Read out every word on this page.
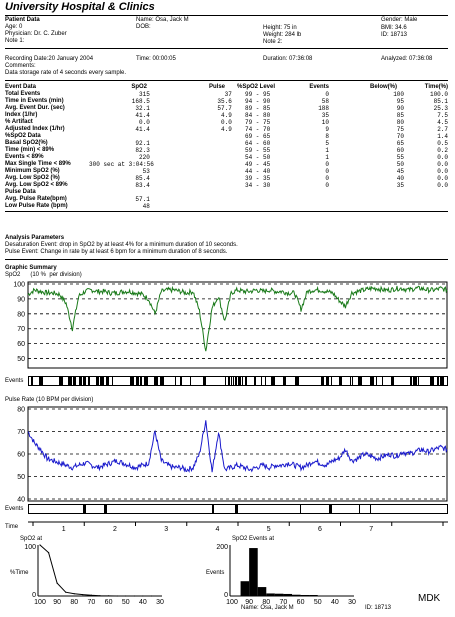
University Hospital & Clinics
Patient Data
Age: 0
Physician: Dr. C. Zuber
Note 1:
Name: Osa, Jack M
DOB:	Height: 75 in
Weight: 284 lb
Note 2:
Gender: Male
BMI: 34.6
ID: 18713
Recording Date:20 January 2004	Time: 00:00:05	Duration: 07:36:08	Analyzed: 07:36:08
Comments:
Data storage rate of 4 seconds every sample.
Event Data	SpO2	Pulse
Total Events	315	37
Time in Events (min)	168.5	35.6
Avg. Event Dur. (sec)	32.1	57.7
Index (1/hr)	41.4	4.9
% Artifact	0.0	0.0
Adjusted Index (1/hr)	41.4	4.9
%SpO2 Data		
Basal SpO2(%)	92.1	
Time (min) < 89%	82.3	
Events < 89%	220	
Max Single Time < 89%	300 sec at 3:04:56	
Minimum SpO2 (%)	53	
Avg. Low SpO2 (%)	85.4	
Avg. Low SpO2 < 89%	83.4	
Pulse Data		
Avg. Pulse Rate(bpm)	57.1	
Low Pulse Rate (bpm)	48	
%SpO2 Level	Events
99 - 95	0
94 - 90	58
89 - 85	188
84 - 80	35
79 - 75	10
74 - 70	9
69 - 65	8
64 - 60	5
59 - 55	1
54 - 50	1
49 - 45	0
44 - 40	0
39 - 35	0
34 - 30	0
Below(%)	Time(%)
100	100.0
95	85.1
90	25.3
85	7.5
80	4.5
75	2.7
70	1.4
65	0.5
60	0.2
55	0.0
50	0.0
45	0.0
40	0.0
35	0.0
Analysis Parameters
Desaturation Event: drop in SpO2 by at least 4% for a minimum duration of 10 seconds.
Pulse Event: Change in rate by at least 6 bpm for a minimum duration of 8 seconds.
Graphic Summary
SpO2      (10 %  per division)
100
90
80
70
60
50
Events
Pulse Rate (10 BPM per division)
80
70
60
50
40
Events
Time	1	2	3	4	5	6	7
SpO2 at
%Time
100
0
100 90 80 70 60 50 40 30
SpO2 Events at
Events
200
0
100 90 80 70 60 50 40 30
Name: Osa, Jack M	ID: 18713
MDK
